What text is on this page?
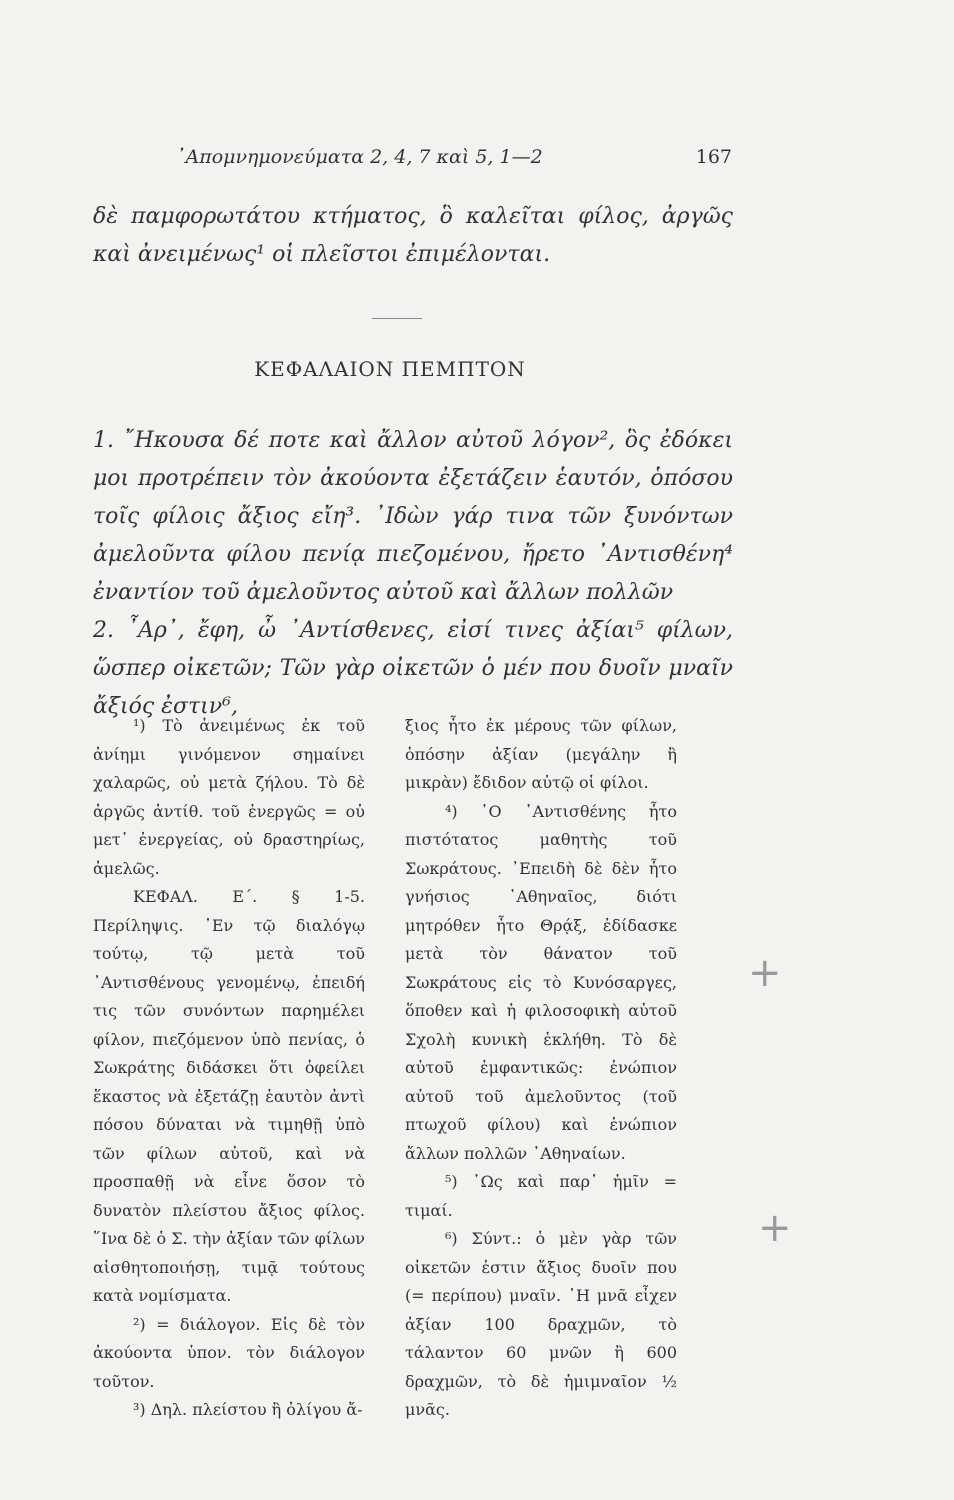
᾿Απομνημονεύματα 2, 4, 7 καὶ 5, 1—2	167

δὲ παμφορωτάτου κτήματος, ὃ καλεῖται φίλος, ἀργῶς καὶ ἀνειμένως¹ οἱ πλεῖστοι ἐπιμέλονται.

ΚΕΦΑΛΑΙΟΝ ΠΕΜΠΤΟΝ

1. ῎Ηκουσα δέ ποτε καὶ ἄλλον αὐτοῦ λόγον², ὃς ἐδόκει μοι προτρέπειν τὸν ἀκούοντα ἐξετάζειν ἑαυτόν, ὁπόσου τοῖς φίλοις ἄξιος εἴη³. ᾿Ιδὼν γάρ τινα τῶν ξυνόντων ἀμελοῦντα φίλου πενίᾳ πιεζομένου, ἤρετο ᾿Αντισθένη⁴ ἐναντίον τοῦ ἀμελοῦντος αὐτοῦ καὶ ἄλλων πολλῶν

2. ῏Αρ᾿, ἔφη, ὦ ᾿Αντίσθενες, εἰσί τινες ἀξίαι⁵ φίλων, ὥσπερ οἰκετῶν; Τῶν γὰρ οἰκετῶν ὁ μέν που δυοῖν μναῖν ἄξιός ἐστιν⁶,

¹) Τὸ ἀνειμένως ἐκ τοῦ ἀνίημι γινόμενον σημαίνει χαλαρῶς, οὐ μετὰ ζήλου. Τὸ δὲ ἀργῶς ἀντίθ. τοῦ ἐνεργῶς = οὐ μετ᾿ ἐνεργείας, οὐ δραστηρίως, ἀμελῶς.

ΚΕΦΑΛ. Ε΄. § 1-5. Περίληψις. ᾿Εν τῷ διαλόγῳ τούτῳ, τῷ μετὰ τοῦ ᾿Αντισθένους γενομένῳ, ἐπειδή τις τῶν συνόντων παρημέλει φίλον, πιεζόμενον ὑπὸ πενίας, ὁ Σωκράτης διδάσκει ὅτι ὀφείλει ἕκαστος νὰ ἐξετάζῃ ἑαυτὸν ἀντὶ πόσου δύναται νὰ τιμηθῇ ὑπὸ τῶν φίλων αὐτοῦ, καὶ νὰ προσπαθῇ νὰ εἶνε ὅσον τὸ δυνατὸν πλείστου ἄξιος φίλος. ῞Ινα δὲ ὁ Σ. τὴν ἀξίαν τῶν φίλων αἰσθητοποιήσῃ, τιμᾷ τούτους κατὰ νομίσματα.

²) = διάλογον. Εἰς δὲ τὸν ἀκούοντα ὑπον. τὸν διάλογον τοῦτον.

³) Δηλ. πλείστου ἢ ὀλίγου ἄ-

ξιος ἦτο ἐκ μέρους τῶν φίλων, ὁπόσην ἀξίαν (μεγάλην ἢ μικρὰν) ἔδιδον αὐτῷ οἱ φίλοι.

⁴) ῾Ο ᾿Αντισθένης ἦτο πιστότατος μαθητὴς τοῦ Σωκράτους. ᾿Επειδὴ δὲ δὲν ἦτο γνήσιος ᾿Αθηναῖος, διότι μητρόθεν ἦτο Θρᾴξ, ἐδίδασκε μετὰ τὸν θάνατον τοῦ Σωκράτους εἰς τὸ Κυνόσαργες, ὅποθεν καὶ ἡ φιλοσοφικὴ αὐτοῦ Σχολὴ κυνικὴ ἐκλήθη. Τὸ δὲ αὐτοῦ ἐμφαντικῶς: ἐνώπιον αὐτοῦ τοῦ ἀμελοῦντος (τοῦ πτωχοῦ φίλου) καὶ ἐνώπιον ἄλλων πολλῶν ᾿Αθηναίων.

⁵) ῾Ως καὶ παρ᾿ ἡμῖν = τιμαί.

⁶) Σύντ.: ὁ μὲν γὰρ τῶν οἰκετῶν ἐστιν ἄξιος δυοῖν που (= περίπου) μναῖν. ῾Η μνᾶ εἶχεν ἀξίαν 100 δραχμῶν, τὸ τάλαντον 60 μνῶν ἢ 600 δραχμῶν, τὸ δὲ ἡμιμναῖον ½ μνᾶς.

+
+
